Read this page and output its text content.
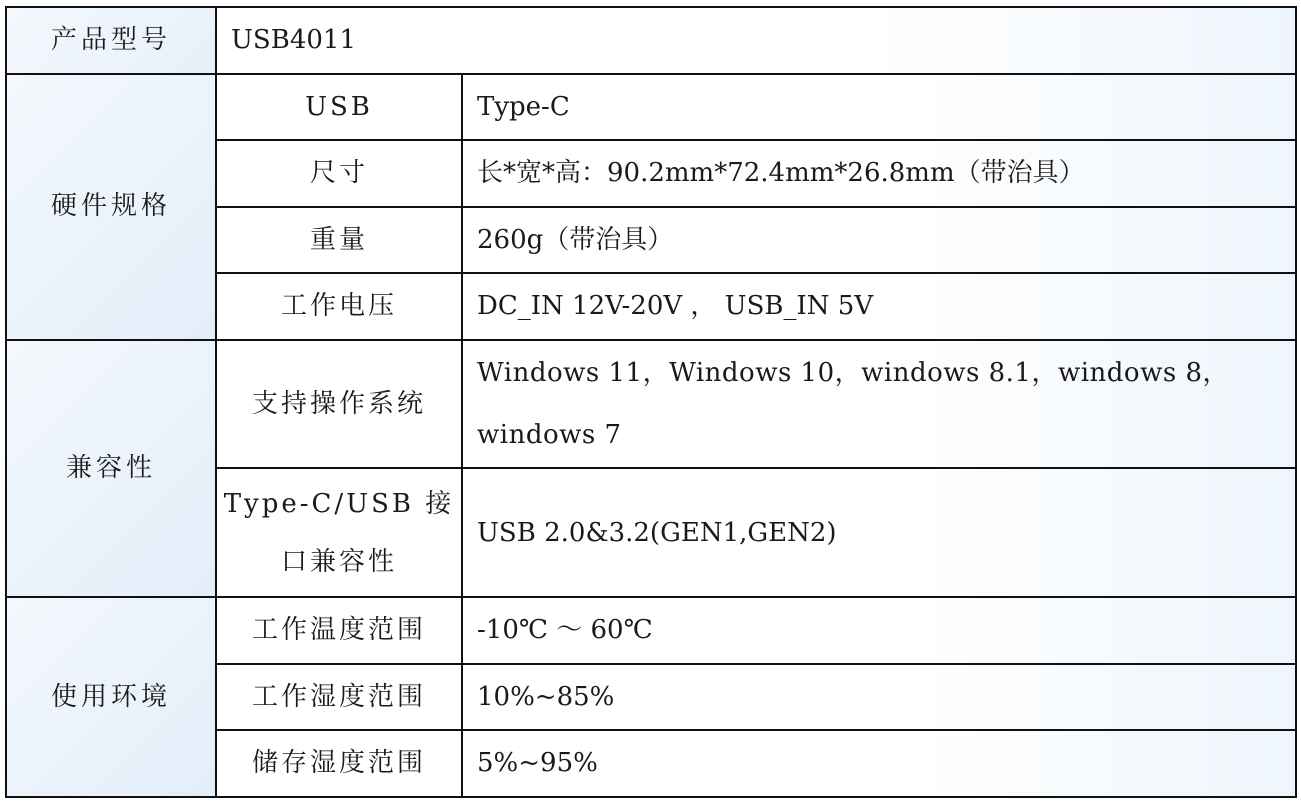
产品型号	USB4011	
硬件规格	USB	Type-C
	尺寸	长*宽*高：90.2mm*72.4mm*26.8mm（带治具）
	重量	260g（带治具）
	工作电压	DC_IN 12V-20V ， USB_IN 5V
兼容性	支持操作系统	Windows 11，Windows 10，windows 8.1，windows 8，windows 7
	Type-C/USB 接口兼容性	USB 2.0&3.2(GEN1,GEN2)
使用环境	工作温度范围	-10℃ ～ 60℃
	工作湿度范围	10%~85%
	储存湿度范围	5%~95%
